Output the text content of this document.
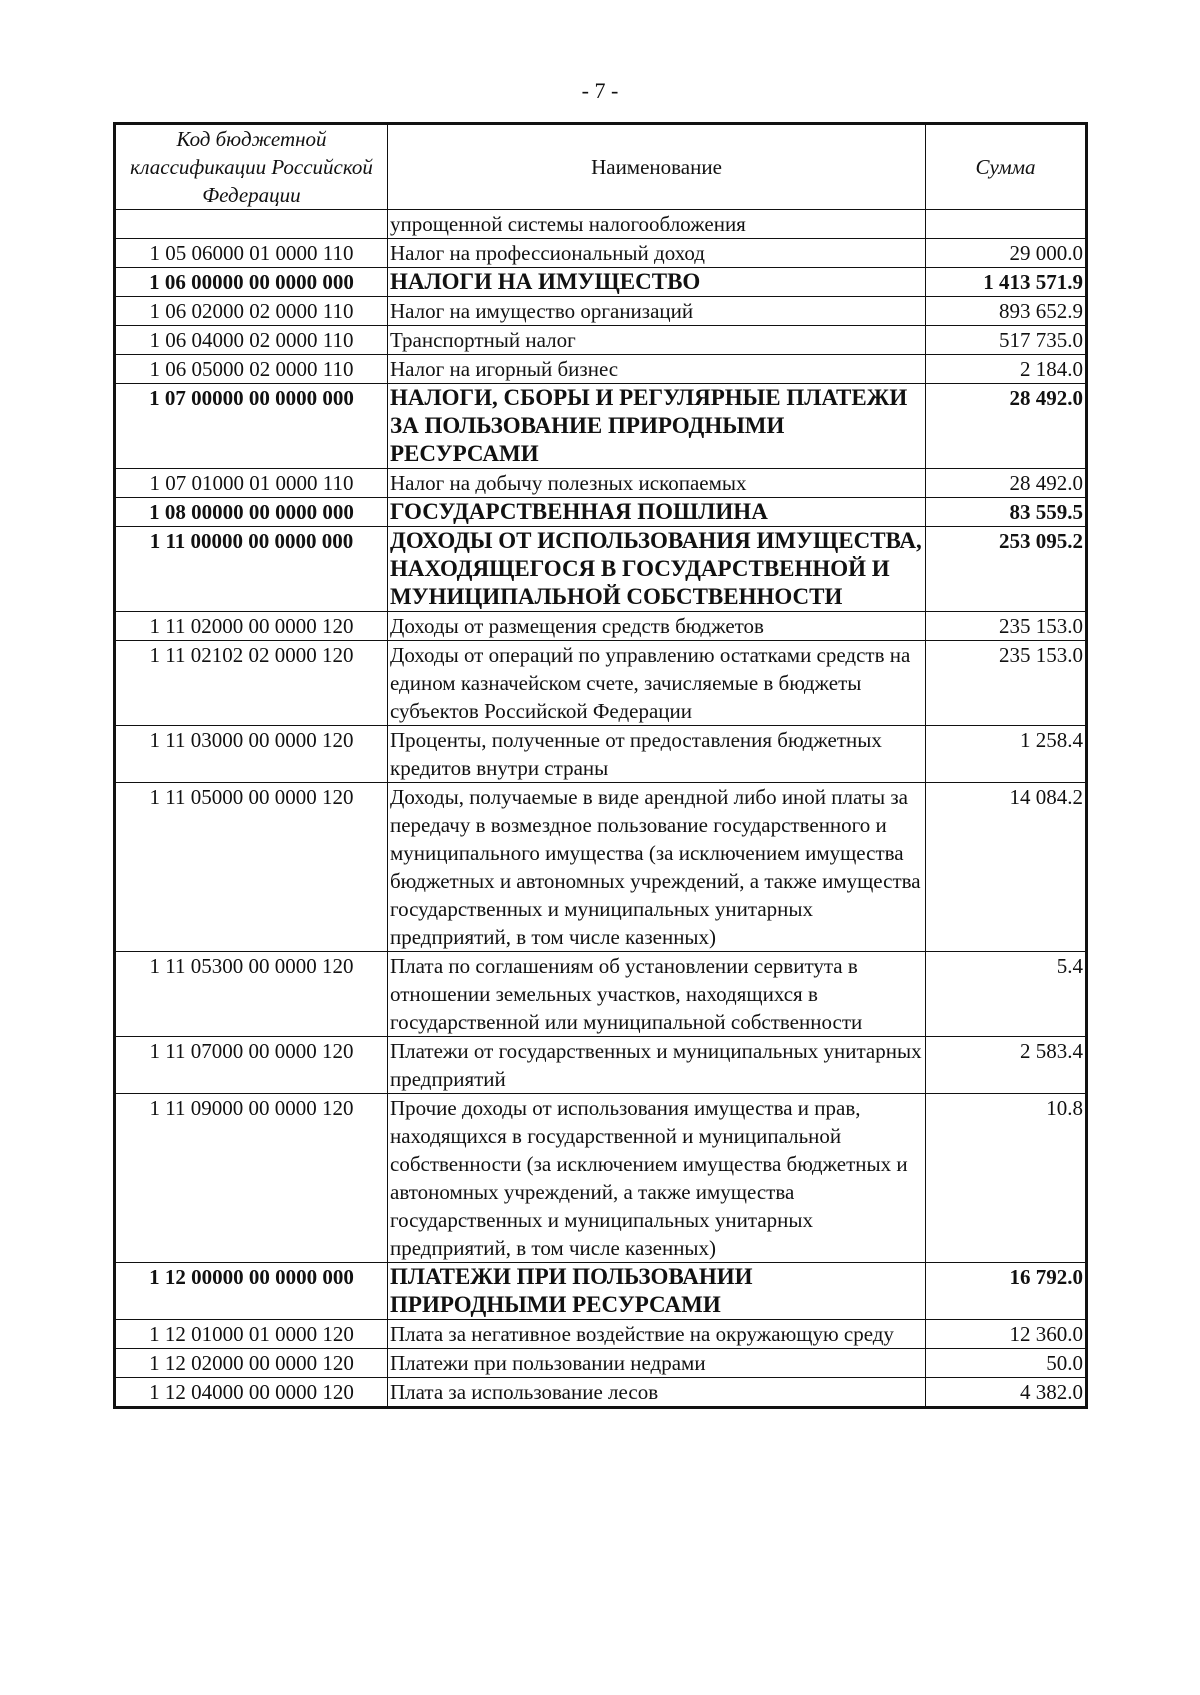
- 7 -
Код бюджетной классификации Российской Федерации	Наименование	Сумма
	упрощенной системы налогообложения	
1 05 06000 01 0000 110	Налог на профессиональный доход	29 000.0
1 06 00000 00 0000 000	НАЛОГИ НА ИМУЩЕСТВО	1 413 571.9
1 06 02000 02 0000 110	Налог на имущество организаций	893 652.9
1 06 04000 02 0000 110	Транспортный налог	517 735.0
1 06 05000 02 0000 110	Налог на игорный бизнес	2 184.0
1 07 00000 00 0000 000	НАЛОГИ, СБОРЫ И РЕГУЛЯРНЫЕ ПЛАТЕЖИ ЗА ПОЛЬЗОВАНИЕ ПРИРОДНЫМИ РЕСУРСАМИ	28 492.0
1 07 01000 01 0000 110	Налог на добычу полезных ископаемых	28 492.0
1 08 00000 00 0000 000	ГОСУДАРСТВЕННАЯ ПОШЛИНА	83 559.5
1 11 00000 00 0000 000	ДОХОДЫ ОТ ИСПОЛЬЗОВАНИЯ ИМУЩЕСТВА, НАХОДЯЩЕГОСЯ В ГОСУДАРСТВЕННОЙ И МУНИЦИПАЛЬНОЙ СОБСТВЕННОСТИ	253 095.2
1 11 02000 00 0000 120	Доходы от размещения средств бюджетов	235 153.0
1 11 02102 02 0000 120	Доходы от операций по управлению остатками средств на едином казначейском счете, зачисляемые в бюджеты субъектов Российской Федерации	235 153.0
1 11 03000 00 0000 120	Проценты, полученные от предоставления бюджетных кредитов внутри страны	1 258.4
1 11 05000 00 0000 120	Доходы, получаемые в виде арендной либо иной платы за передачу в возмездное пользование государственного и муниципального имущества (за исключением имущества бюджетных и автономных учреждений, а также имущества государственных и муниципальных унитарных предприятий, в том числе казенных)	14 084.2
1 11 05300 00 0000 120	Плата по соглашениям об установлении сервитута в отношении земельных участков, находящихся в государственной или муниципальной собственности	5.4
1 11 07000 00 0000 120	Платежи от государственных и муниципальных унитарных предприятий	2 583.4
1 11 09000 00 0000 120	Прочие доходы от использования имущества и прав, находящихся в государственной и муниципальной собственности (за исключением имущества бюджетных и автономных учреждений, а также имущества государственных и муниципальных унитарных предприятий, в том числе казенных)	10.8
1 12 00000 00 0000 000	ПЛАТЕЖИ ПРИ ПОЛЬЗОВАНИИ ПРИРОДНЫМИ РЕСУРСАМИ	16 792.0
1 12 01000 01 0000 120	Плата за негативное воздействие на окружающую среду	12 360.0
1 12 02000 00 0000 120	Платежи при пользовании недрами	50.0
1 12 04000 00 0000 120	Плата за использование лесов	4 382.0
